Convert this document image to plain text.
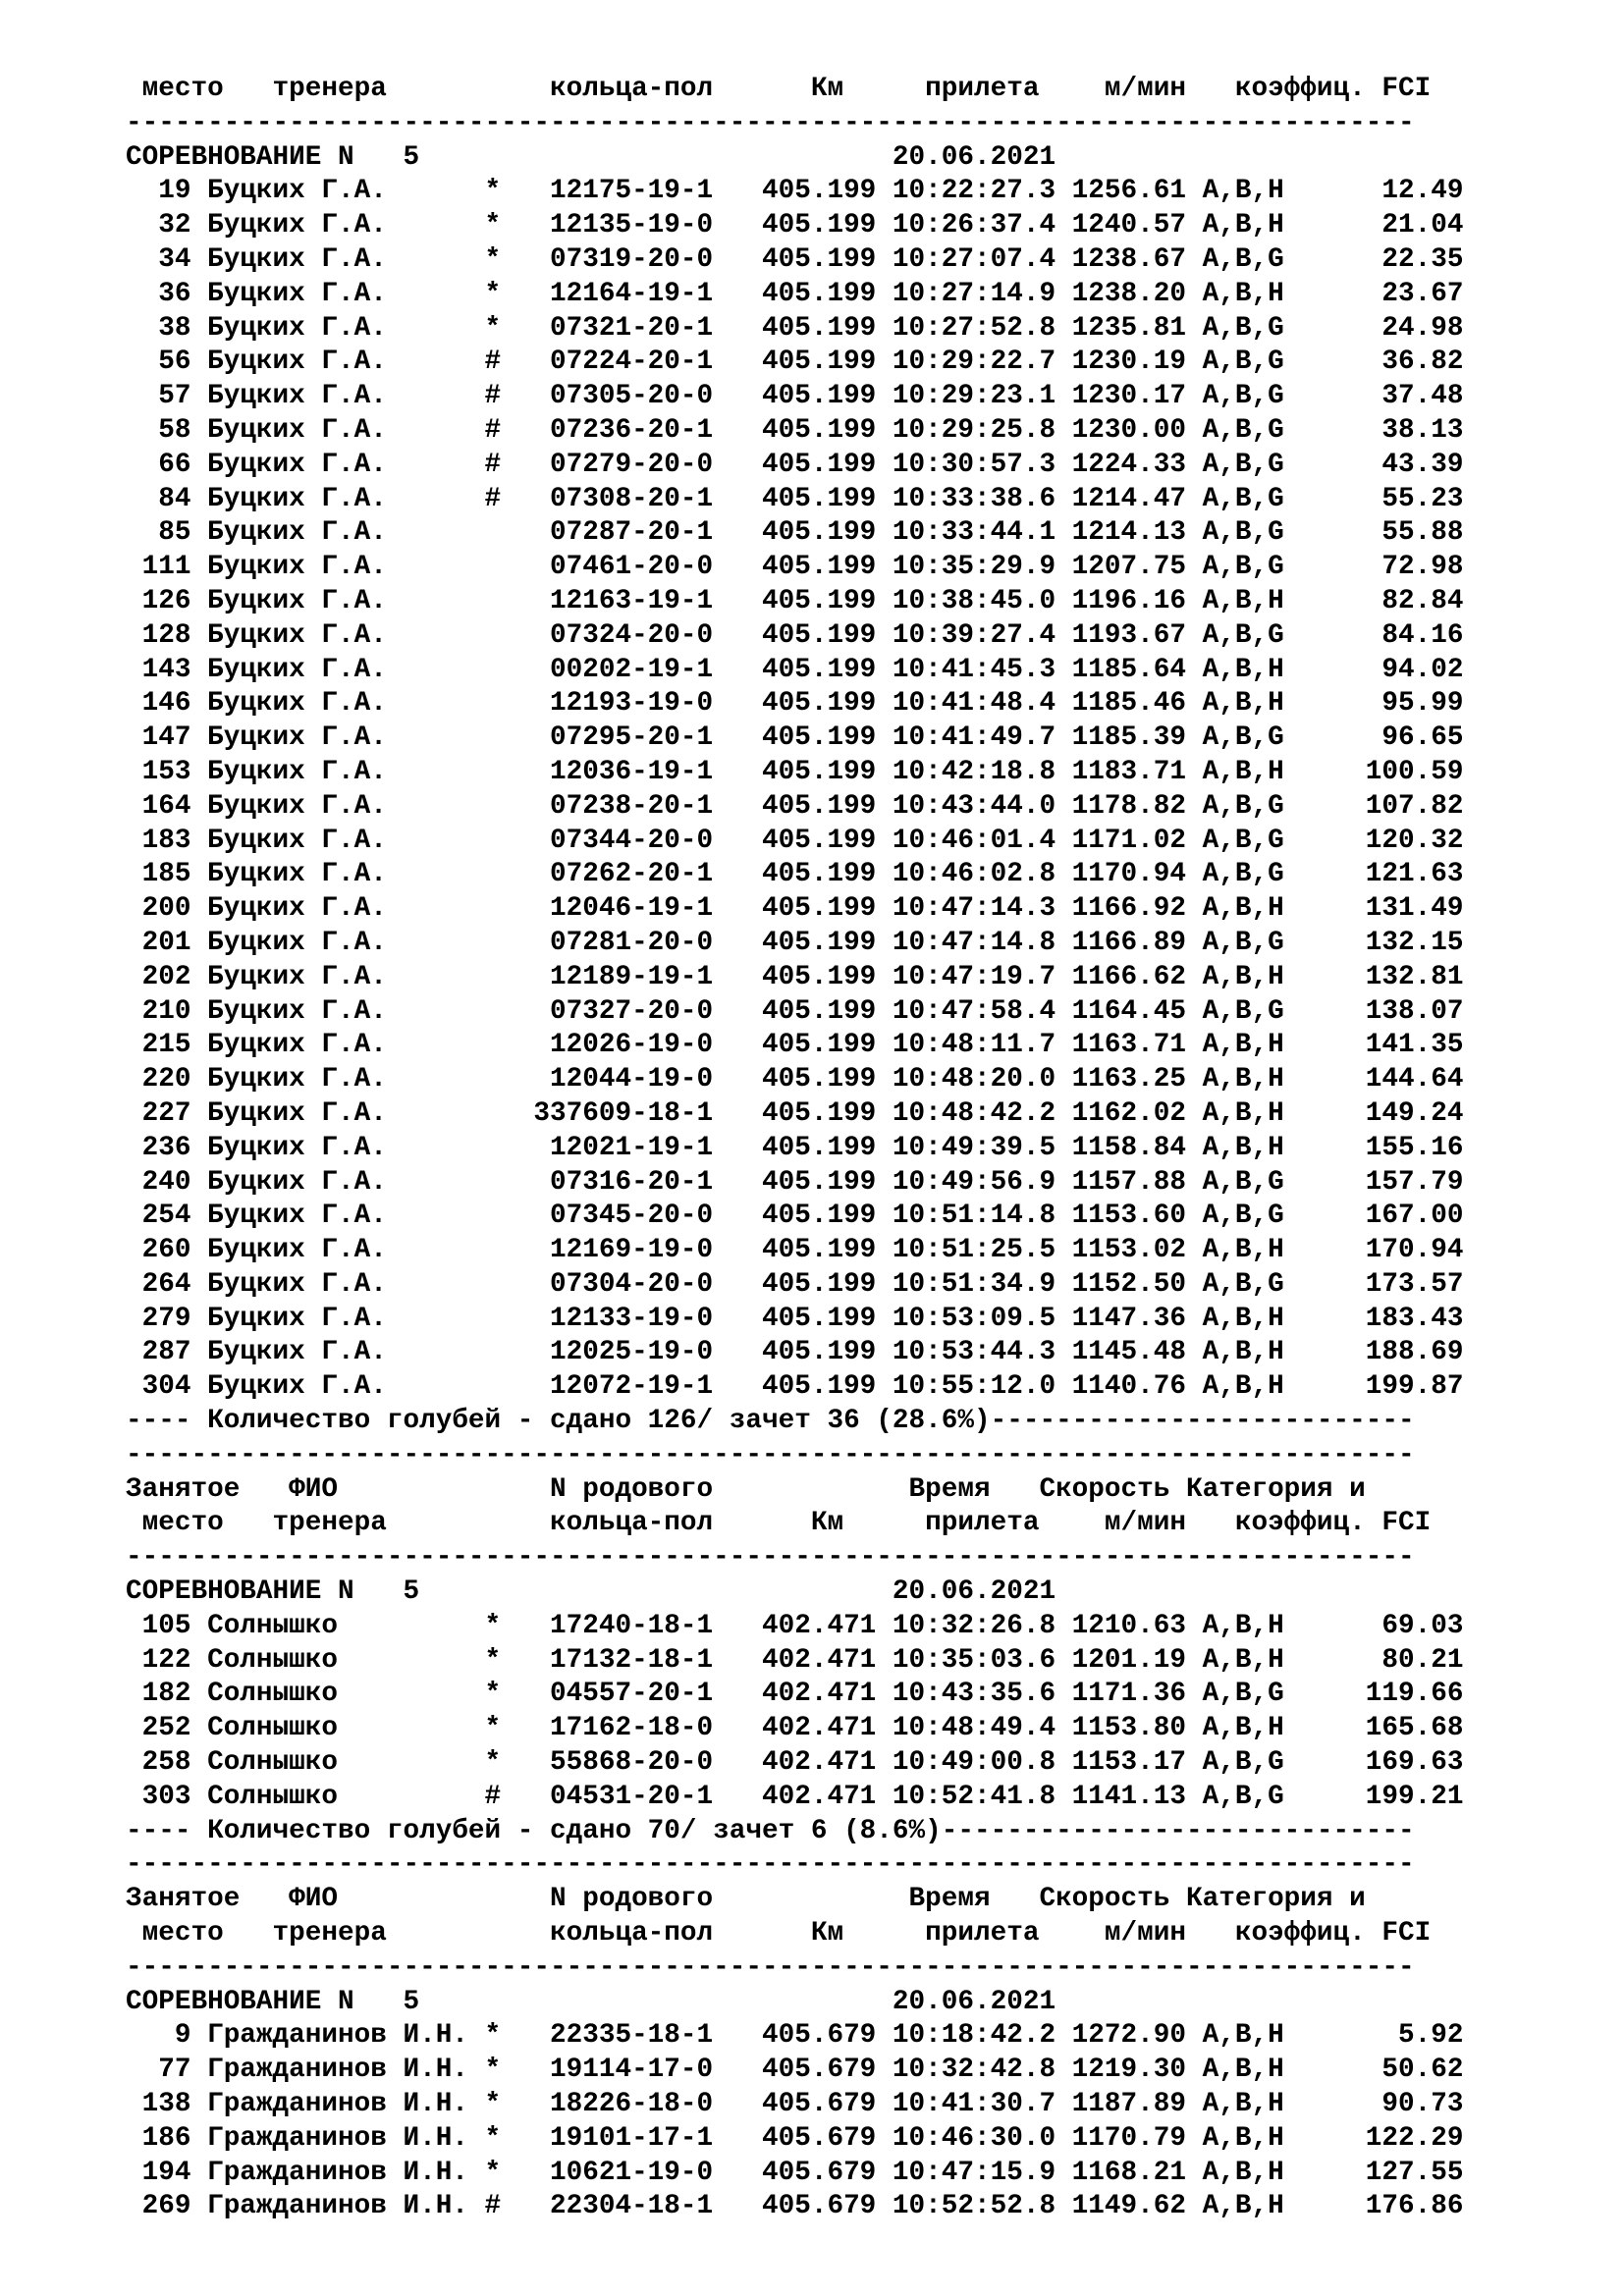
место   тренера          кольца-пол      Км     прилета    м/мин   коэффиц. FCI
-------------------------------------------------------------------------------
СОРЕВНОВАНИЕ N   5                             20.06.2021
19 Буцких Г.А.      *   12175-19-1   405.199 10:22:27.3 1256.61 A,B,H      12.49
32 Буцких Г.А.      *   12135-19-0   405.199 10:26:37.4 1240.57 A,B,H      21.04
34 Буцких Г.А.      *   07319-20-0   405.199 10:27:07.4 1238.67 A,B,G      22.35
36 Буцких Г.А.      *   12164-19-1   405.199 10:27:14.9 1238.20 A,B,H      23.67
38 Буцких Г.А.      *   07321-20-1   405.199 10:27:52.8 1235.81 A,B,G      24.98
56 Буцких Г.А.      #   07224-20-1   405.199 10:29:22.7 1230.19 A,B,G      36.82
57 Буцких Г.А.      #   07305-20-0   405.199 10:29:23.1 1230.17 A,B,G      37.48
58 Буцких Г.А.      #   07236-20-1   405.199 10:29:25.8 1230.00 A,B,G      38.13
66 Буцких Г.А.      #   07279-20-0   405.199 10:30:57.3 1224.33 A,B,G      43.39
84 Буцких Г.А.      #   07308-20-1   405.199 10:33:38.6 1214.47 A,B,G      55.23
85 Буцких Г.А.          07287-20-1   405.199 10:33:44.1 1214.13 A,B,G      55.88
111 Буцких Г.А.          07461-20-0   405.199 10:35:29.9 1207.75 A,B,G      72.98
126 Буцких Г.А.          12163-19-1   405.199 10:38:45.0 1196.16 A,B,H      82.84
128 Буцких Г.А.          07324-20-0   405.199 10:39:27.4 1193.67 A,B,G      84.16
143 Буцких Г.А.          00202-19-1   405.199 10:41:45.3 1185.64 A,B,H      94.02
146 Буцких Г.А.          12193-19-0   405.199 10:41:48.4 1185.46 A,B,H      95.99
147 Буцких Г.А.          07295-20-1   405.199 10:41:49.7 1185.39 A,B,G      96.65
153 Буцких Г.А.          12036-19-1   405.199 10:42:18.8 1183.71 A,B,H     100.59
164 Буцких Г.А.          07238-20-1   405.199 10:43:44.0 1178.82 A,B,G     107.82
183 Буцких Г.А.          07344-20-0   405.199 10:46:01.4 1171.02 A,B,G     120.32
185 Буцких Г.А.          07262-20-1   405.199 10:46:02.8 1170.94 A,B,G     121.63
200 Буцких Г.А.          12046-19-1   405.199 10:47:14.3 1166.92 A,B,H     131.49
201 Буцких Г.А.          07281-20-0   405.199 10:47:14.8 1166.89 A,B,G     132.15
202 Буцких Г.А.          12189-19-1   405.199 10:47:19.7 1166.62 A,B,H     132.81
210 Буцких Г.А.          07327-20-0   405.199 10:47:58.4 1164.45 A,B,G     138.07
215 Буцких Г.А.          12026-19-0   405.199 10:48:11.7 1163.71 A,B,H     141.35
220 Буцких Г.А.          12044-19-0   405.199 10:48:20.0 1163.25 A,B,H     144.64
227 Буцких Г.А.         337609-18-1   405.199 10:48:42.2 1162.02 A,B,H     149.24
236 Буцких Г.А.          12021-19-1   405.199 10:49:39.5 1158.84 A,B,H     155.16
240 Буцких Г.А.          07316-20-1   405.199 10:49:56.9 1157.88 A,B,G     157.79
254 Буцких Г.А.          07345-20-0   405.199 10:51:14.8 1153.60 A,B,G     167.00
260 Буцких Г.А.          12169-19-0   405.199 10:51:25.5 1153.02 A,B,H     170.94
264 Буцких Г.А.          07304-20-0   405.199 10:51:34.9 1152.50 A,B,G     173.57
279 Буцких Г.А.          12133-19-0   405.199 10:53:09.5 1147.36 A,B,H     183.43
287 Буцких Г.А.          12025-19-0   405.199 10:53:44.3 1145.48 A,B,H     188.69
304 Буцких Г.А.          12072-19-1   405.199 10:55:12.0 1140.76 A,B,H     199.87
---- Количество голубей - сдано 126/ зачет 36 (28.6%)--------------------------
-------------------------------------------------------------------------------
Занятое   ФИО             N родового            Время   Скорость Категория и
место   тренера          кольца-пол      Км     прилета    м/мин   коэффиц. FCI
-------------------------------------------------------------------------------
СОРЕВНОВАНИЕ N   5                             20.06.2021
105 Солнышко         *   17240-18-1   402.471 10:32:26.8 1210.63 A,B,H      69.03
122 Солнышко         *   17132-18-1   402.471 10:35:03.6 1201.19 A,B,H      80.21
182 Солнышко         *   04557-20-1   402.471 10:43:35.6 1171.36 A,B,G     119.66
252 Солнышко         *   17162-18-0   402.471 10:48:49.4 1153.80 A,B,H     165.68
258 Солнышко         *   55868-20-0   402.471 10:49:00.8 1153.17 A,B,G     169.63
303 Солнышко         #   04531-20-1   402.471 10:52:41.8 1141.13 A,B,G     199.21
---- Количество голубей - сдано 70/ зачет 6 (8.6%)-----------------------------
-------------------------------------------------------------------------------
Занятое   ФИО             N родового            Время   Скорость Категория и
место   тренера          кольца-пол      Км     прилета    м/мин   коэффиц. FCI
-------------------------------------------------------------------------------
СОРЕВНОВАНИЕ N   5                             20.06.2021
9 Гражданинов И.Н. *   22335-18-1   405.679 10:18:42.2 1272.90 A,B,H       5.92
77 Гражданинов И.Н. *   19114-17-0   405.679 10:32:42.8 1219.30 A,B,H      50.62
138 Гражданинов И.Н. *   18226-18-0   405.679 10:41:30.7 1187.89 A,B,H      90.73
186 Гражданинов И.Н. *   19101-17-1   405.679 10:46:30.0 1170.79 A,B,H     122.29
194 Гражданинов И.Н. *   10621-19-0   405.679 10:47:15.9 1168.21 A,B,H     127.55
269 Гражданинов И.Н. #   22304-18-1   405.679 10:52:52.8 1149.62 A,B,H     176.86
